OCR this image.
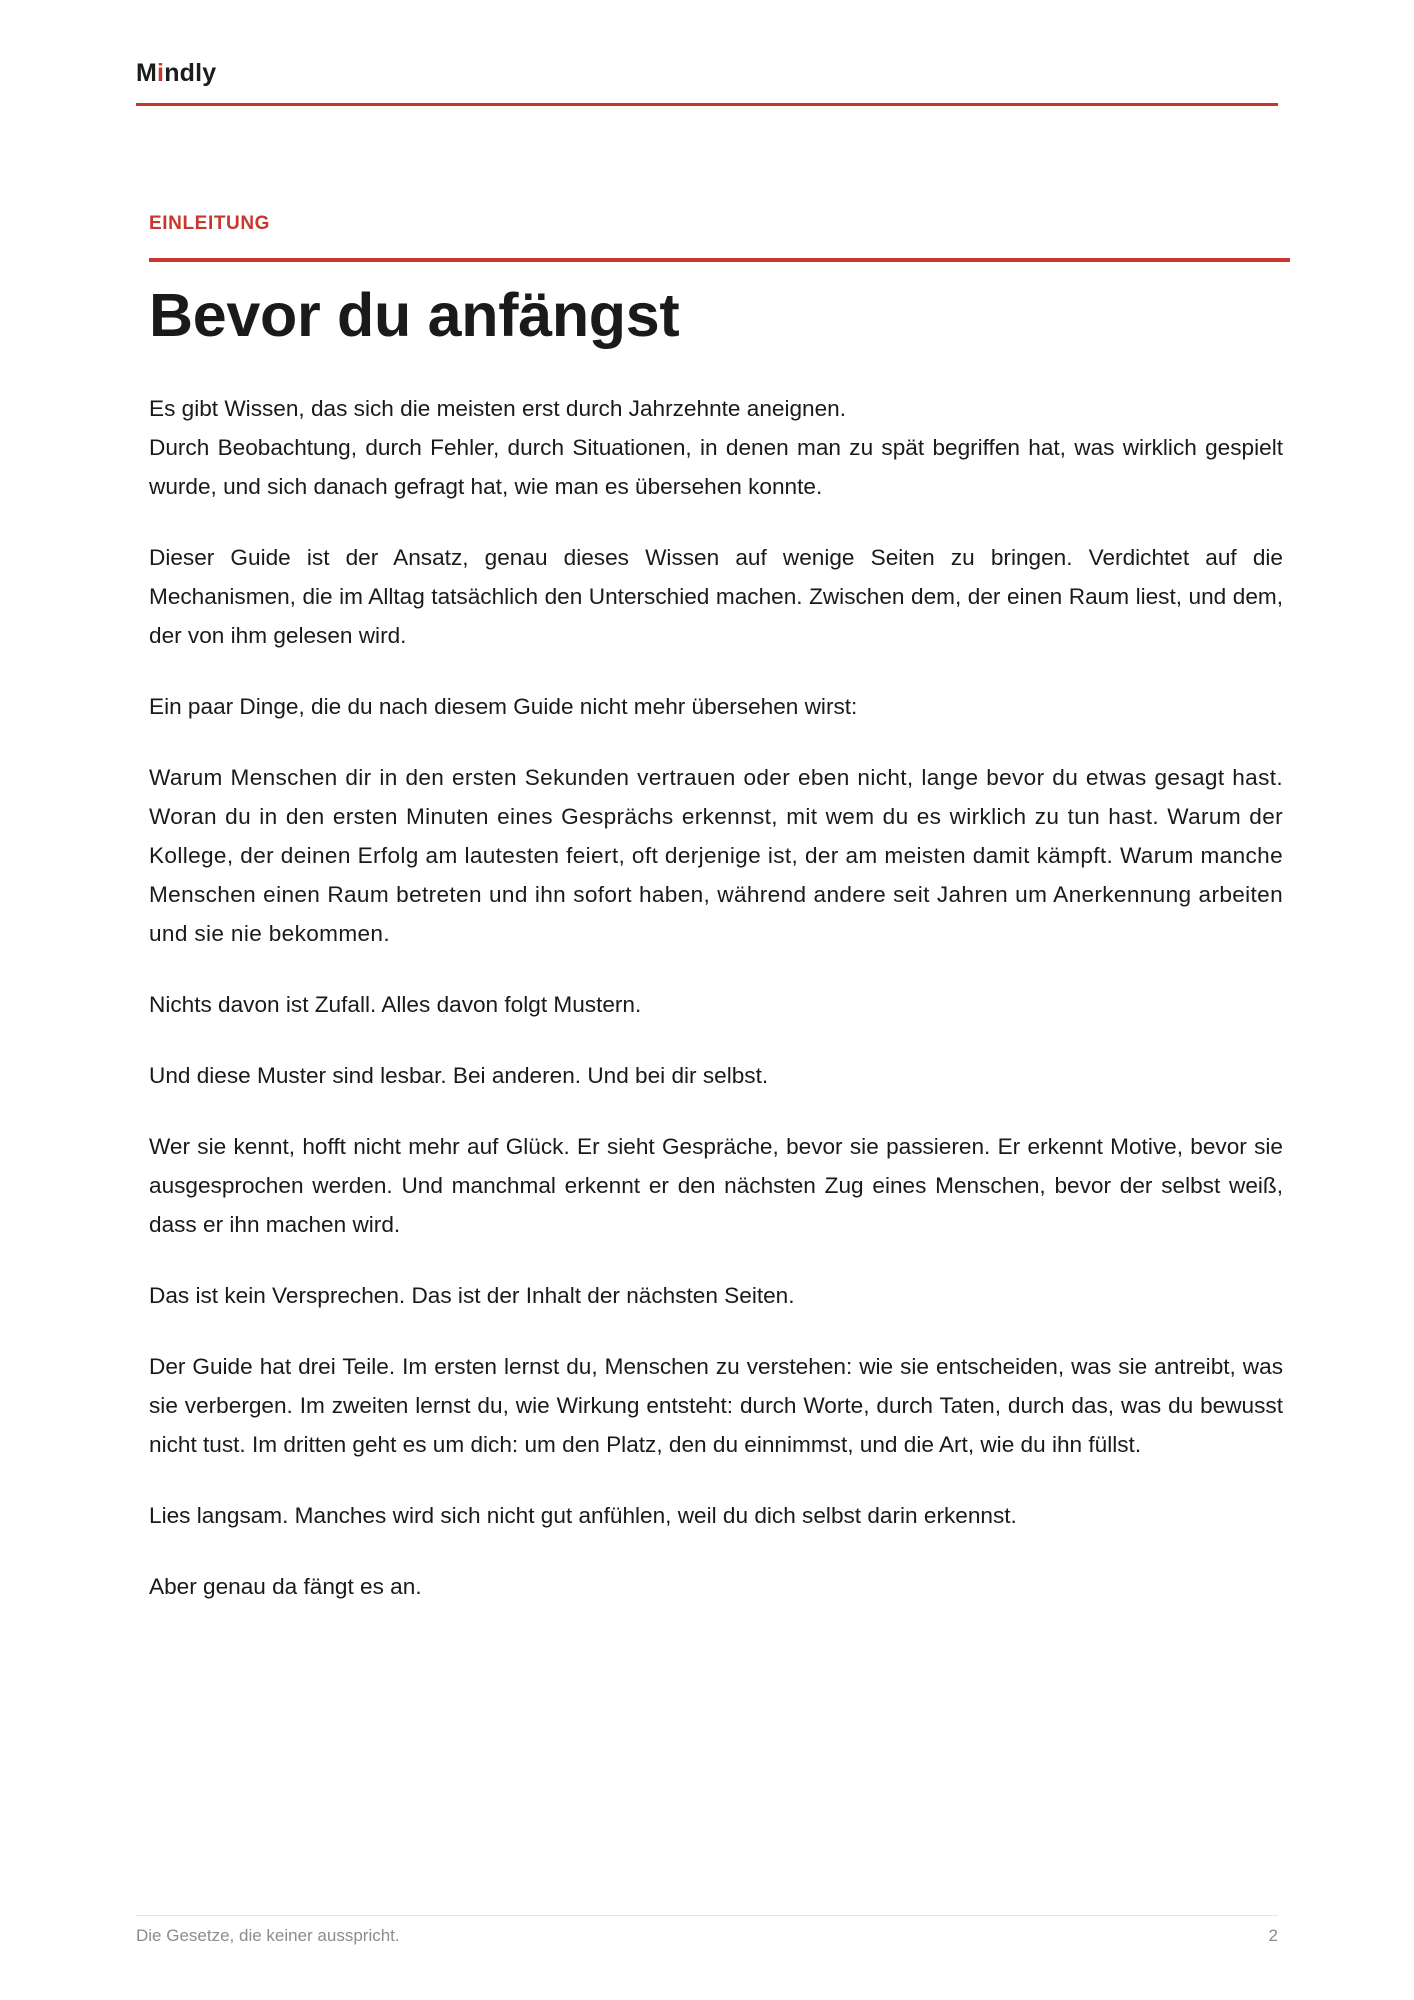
Mindly
EINLEITUNG
Bevor du anfängst

Es gibt Wissen, das sich die meisten erst durch Jahrzehnte aneignen.
Durch Beobachtung, durch Fehler, durch Situationen, in denen man zu spät begriffen hat, was wirklich gespielt wurde, und sich danach gefragt hat, wie man es übersehen konnte.

Dieser Guide ist der Ansatz, genau dieses Wissen auf wenige Seiten zu bringen. Verdichtet auf die Mechanismen, die im Alltag tatsächlich den Unterschied machen. Zwischen dem, der einen Raum liest, und dem, der von ihm gelesen wird.

Ein paar Dinge, die du nach diesem Guide nicht mehr übersehen wirst:

Warum Menschen dir in den ersten Sekunden vertrauen oder eben nicht, lange bevor du etwas gesagt hast. Woran du in den ersten Minuten eines Gesprächs erkennst, mit wem du es wirklich zu tun hast. Warum der Kollege, der deinen Erfolg am lautesten feiert, oft derjenige ist, der am meisten damit kämpft. Warum manche Menschen einen Raum betreten und ihn sofort haben, während andere seit Jahren um Anerkennung arbeiten und sie nie bekommen.

Nichts davon ist Zufall. Alles davon folgt Mustern.

Und diese Muster sind lesbar. Bei anderen. Und bei dir selbst.

Wer sie kennt, hofft nicht mehr auf Glück. Er sieht Gespräche, bevor sie passieren. Er erkennt Motive, bevor sie ausgesprochen werden. Und manchmal erkennt er den nächsten Zug eines Menschen, bevor der selbst weiß, dass er ihn machen wird.

Das ist kein Versprechen. Das ist der Inhalt der nächsten Seiten.

Der Guide hat drei Teile. Im ersten lernst du, Menschen zu verstehen: wie sie entscheiden, was sie antreibt, was sie verbergen. Im zweiten lernst du, wie Wirkung entsteht: durch Worte, durch Taten, durch das, was du bewusst nicht tust. Im dritten geht es um dich: um den Platz, den du einnimmst, und die Art, wie du ihn füllst.

Lies langsam. Manches wird sich nicht gut anfühlen, weil du dich selbst darin erkennst.

Aber genau da fängt es an.

Die Gesetze, die keiner ausspricht.	2
